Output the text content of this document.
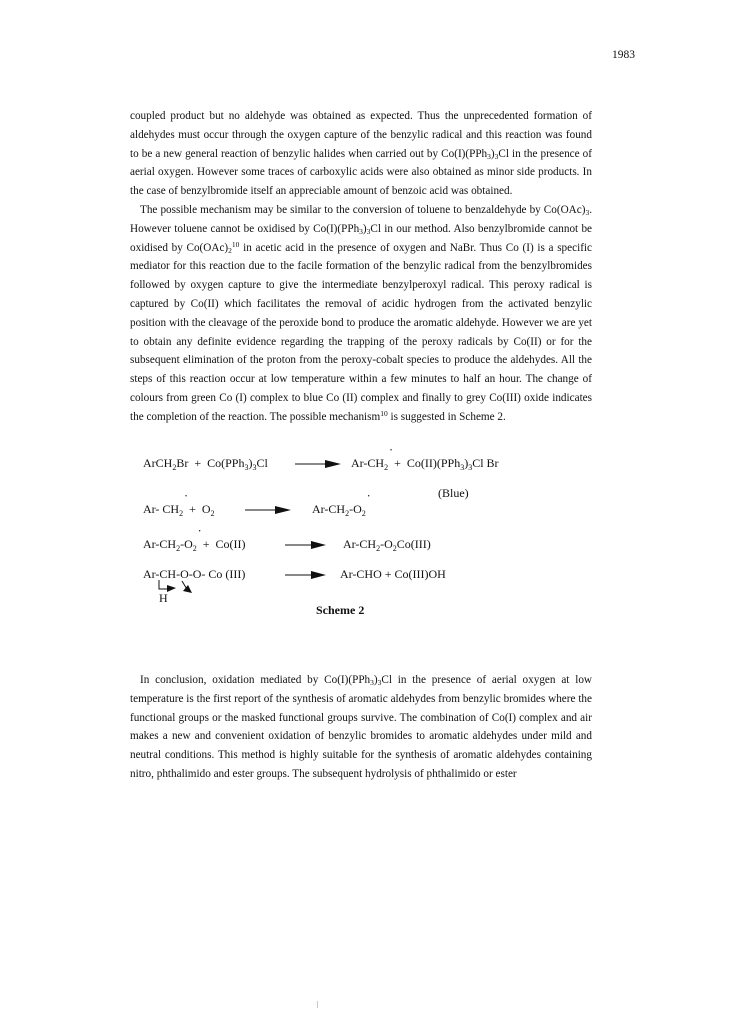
1983

coupled product but no aldehyde was obtained as expected. Thus the unprecedented formation of aldehydes must occur through the oxygen capture of the benzylic radical and this reaction was found to be a new general reaction of benzylic halides when carried out by $Co(I)(PPh_3)_3Cl$ in the presence of aerial oxygen. However some traces of carboxylic acids were also obtained as minor side products. In the case of benzylbromide itself an appreciable amount of benzoic acid was obtained.

The possible mechanism may be similar to the conversion of toluene to benzaldehyde by $Co(OAc)_3$. However toluene cannot be oxidised by $Co(I)(PPh_3)_3Cl$ in our method. Also benzylbromide cannot be oxidised by $Co(OAc)_2^{10}$ in acetic acid in the presence of oxygen and NaBr. Thus Co (I) is a specific mediator for this reaction due to the facile formation of the benzylic radical from the benzylbromides followed by oxygen capture to give the intermediate benzylperoxyl radical. This peroxy radical is captured by Co(II) which facilitates the removal of acidic hydrogen from the activated benzylic position with the cleavage of the peroxide bond to produce the aromatic aldehyde. However we are yet to obtain any definite evidence regarding the trapping of the peroxy radicals by Co(II) or for the subsequent elimination of the proton from the peroxy-cobalt species to produce the aldehydes. All the steps of this reaction occur at low temperature within a few minutes to half an hour. The change of colours from green Co (I) complex to blue Co (II) complex and finally to grey Co(III) oxide indicates the completion of the reaction. The possible mechanism$^{10}$ is suggested in Scheme 2.

ArCH$_2$Br  +  $Co(PPh_3)_3Cl \to Ar-CH_2 + Co(II)(PPh_3)_3Cl$ Br
(Blue)
Ar- $CH_2 + O_2 \to Ar-CH_2-O_2$
$Ar-CH_2-O_2 + Co(II) \to Ar-CH_2-O_2Co(III)$
Ar-CH-O-O- Co (III)
H
→ Ar-CHO + Co(III)OH
Scheme 2

In conclusion, oxidation mediated by $Co(I)(PPh_3)_3Cl$ in the presence of aerial oxygen at low temperature is the first report of the synthesis of aromatic aldehydes from benzylic bromides where the functional groups or the masked functional groups survive. The combination of Co(I) complex and air makes a new and convenient oxidation of benzylic bromides to aromatic aldehydes under mild and neutral conditions. This method is highly suitable for the synthesis of aromatic aldehydes containing nitro, phthalimido and ester groups. The subsequent hydrolysis of phthalimido or ester
